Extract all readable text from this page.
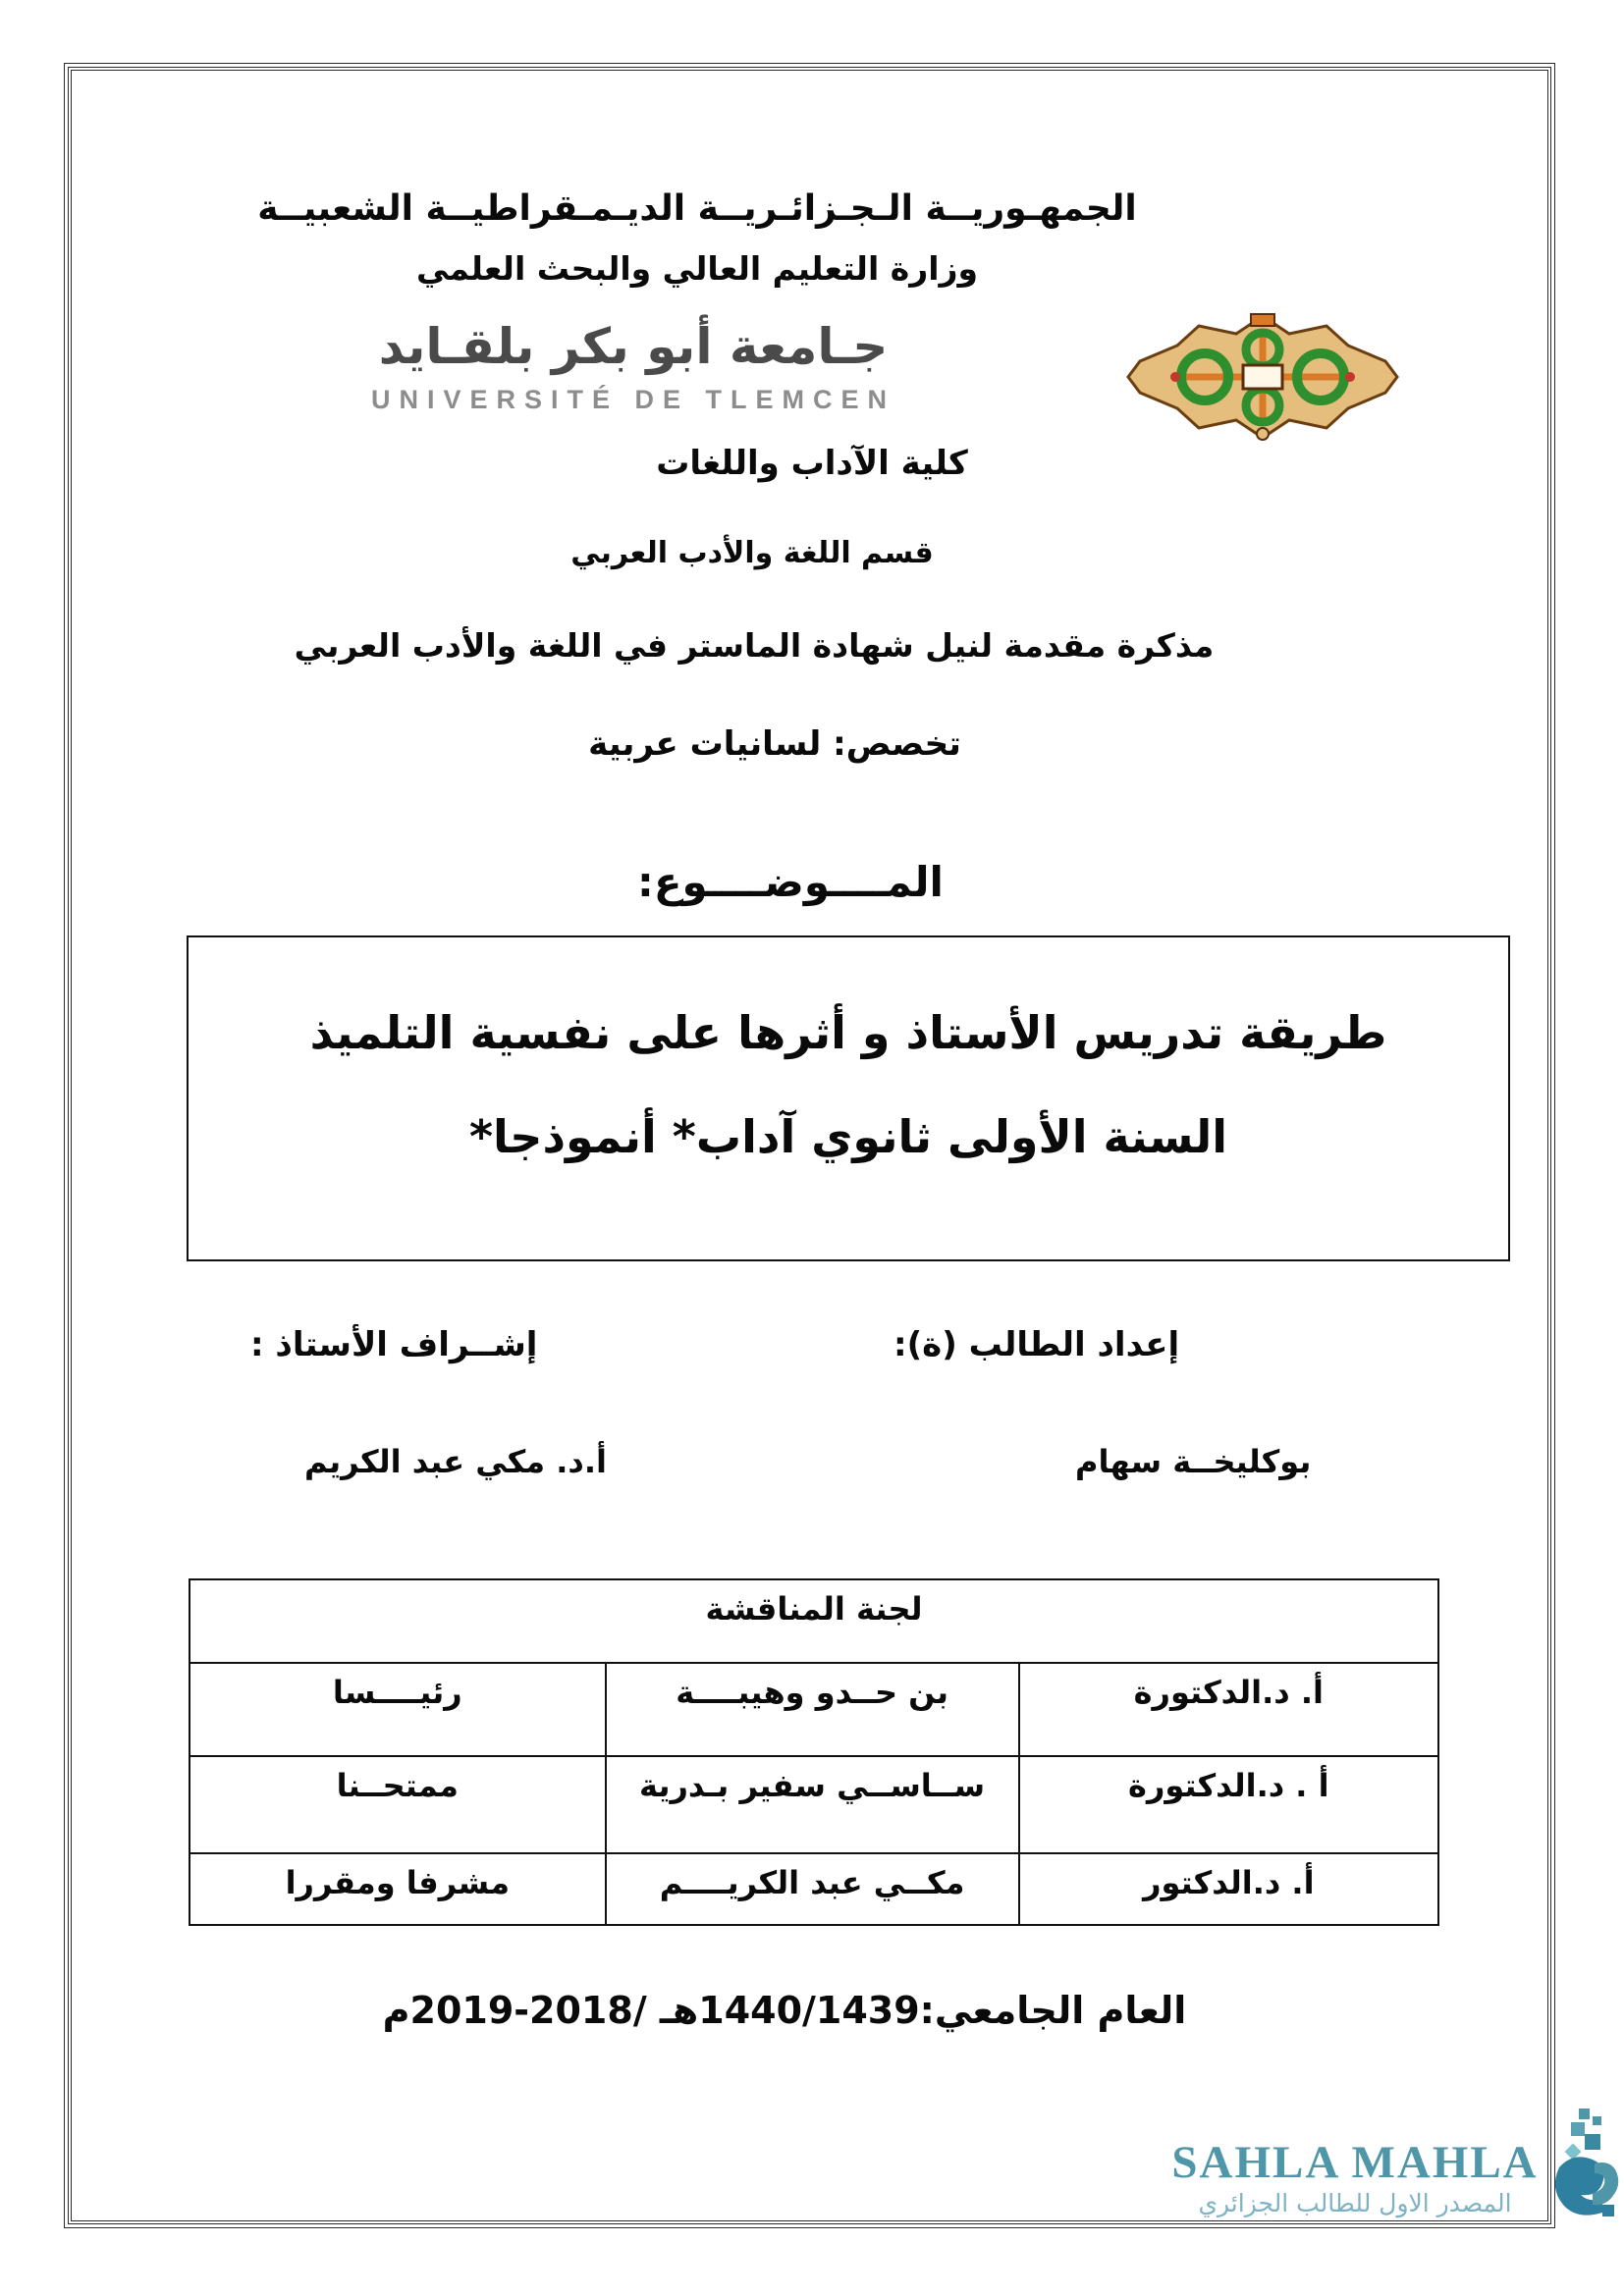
الجمهـوريــة الـجـزائـريــة الديـمـقراطيــة الشعبيــة
وزارة التعليم العالي والبحث العلمي
جـامعة أبو بكر بلقـايد
UNIVERSITÉ DE TLEMCEN
كلية الآداب واللغات
قسم اللغة والأدب العربي
مذكرة مقدمة لنيل شهادة الماستر في اللغة والأدب العربي
تخصص: لسانيات عربية
المــــوضــــوع:
طريقة تدريس الأستاذ و أثرها على نفسية التلميذ
السنة الأولى ثانوي آداب* أنموذجا*
إعداد الطالب (ة):
إشــراف الأستاذ :
بوكليخــة سهام
أ.د. مكي عبد الكريم
لجنة المناقشة		
أ. د.الدكتورة	بن حــدو وهيبــــة	رئيــــسا
أ . د.الدكتورة	ســاســي سفير بـدرية	ممتحــنا
أ. د.الدكتور	مكــي عبد الكريــــم	مشرفا ومقررا
العام الجامعي:1440/1439هـ /2018-2019م
SAHLA MAHLA
المصدر الاول للطالب الجزائري
